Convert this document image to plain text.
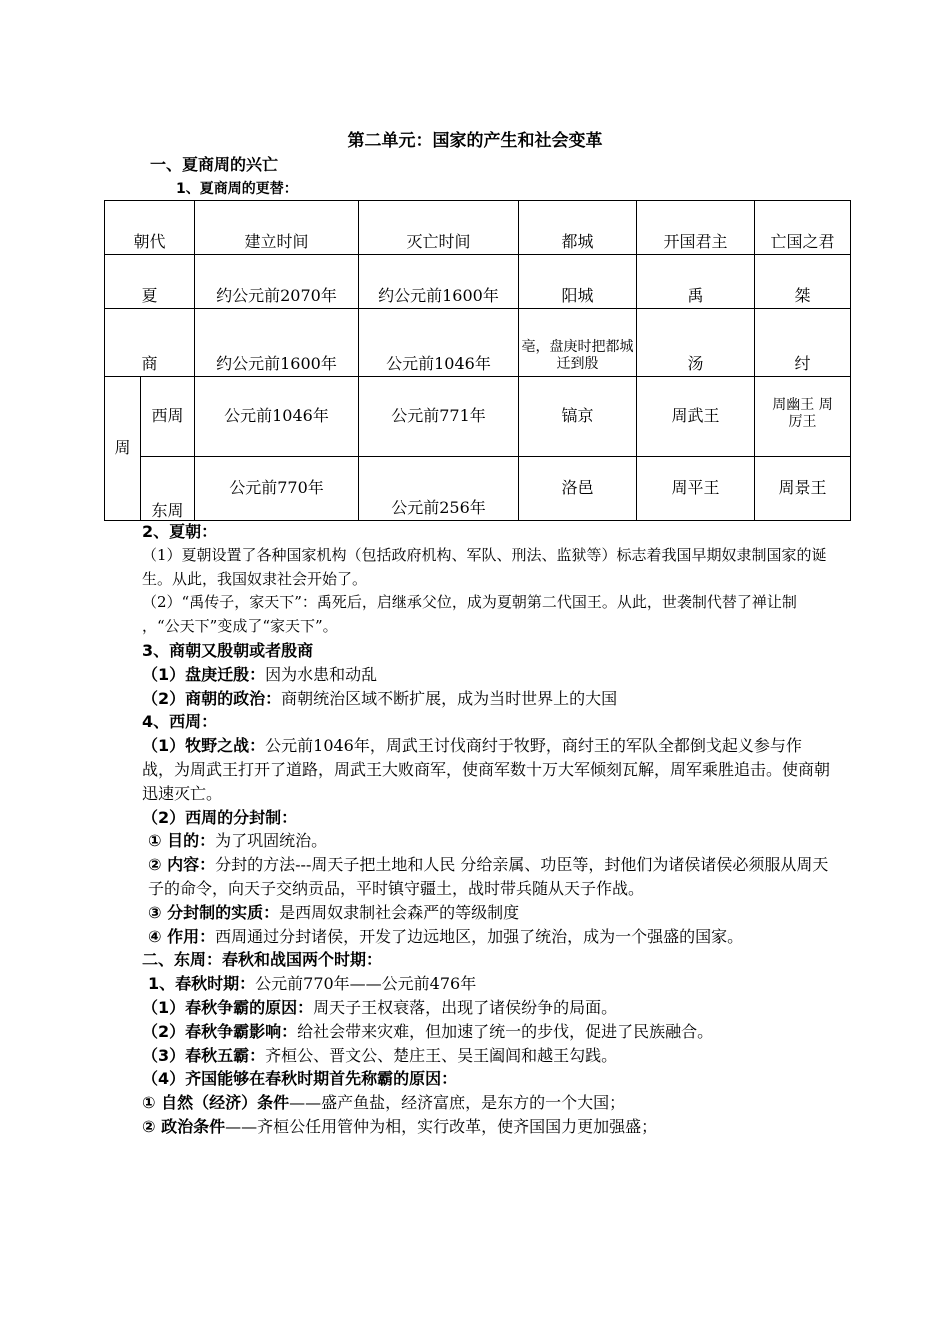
第二单元：国家的产生和社会变革
一、夏商周的兴亡
1、夏商周的更替：
朝代		建立时间	灭亡时间	都城	开国君主	亡国之君
夏		约公元前2070年	约公元前1600年	阳城	禹	桀
商		约公元前1600年	公元前1046年	亳，盘庚时把都城迁到殷	汤	纣
周	西周	公元前1046年	公元前771年	镐京	周武王	周幽王 周厉王
	东周	公元前770年	公元前256年	洛邑	周平王	周景王

2、夏朝：

（1）夏朝设置了各种国家机构（包括政府机构、军队、刑法、监狱等）标志着我国早期奴隶制国家的诞生。从此，我国奴隶社会开始了。

（2）“禹传子，家天下”：禹死后，启继承父位，成为夏朝第二代国王。从此，世袭制代替了禅让制 ，“公天下”变成了“家天下”。

3、商朝又殷朝或者殷商

（1）盘庚迁殷：因为水患和动乱

（2）商朝的政治：商朝统治区域不断扩展，成为当时世界上的大国

4、西周：

（1）牧野之战：公元前1046年，周武王讨伐商纣于牧野，商纣王的军队全都倒戈起义参与作战，为周武王打开了道路，周武王大败商军，使商军数十万大军倾刻瓦解，周军乘胜追击。使商朝迅速灭亡。

（2）西周的分封制：

① 目的：为了巩固统治。

② 内容：分封的方法---周天子把土地和人民 分给亲属、功臣等，封他们为诸侯诸侯必须服从周天子的命令，向天子交纳贡品，平时镇守疆土，战时带兵随从天子作战。

③ 分封制的实质：是西周奴隶制社会森严的等级制度

④ 作用：西周通过分封诸侯，开发了边远地区，加强了统治，成为一个强盛的国家。

二、东周：春秋和战国两个时期：

1、春秋时期：公元前770年——公元前476年

（1）春秋争霸的原因：周天子王权衰落，出现了诸侯纷争的局面。

（2）春秋争霸影响：给社会带来灾难，但加速了统一的步伐，促进了民族融合。

（3）春秋五霸：齐桓公、晋文公、楚庄王、吴王阖闾和越王勾践。

（4）齐国能够在春秋时期首先称霸的原因：

① 自然（经济）条件——盛产鱼盐，经济富庶，是东方的一个大国；

② 政治条件——齐桓公任用管仲为相，实行改革，使齐国国力更加强盛；
